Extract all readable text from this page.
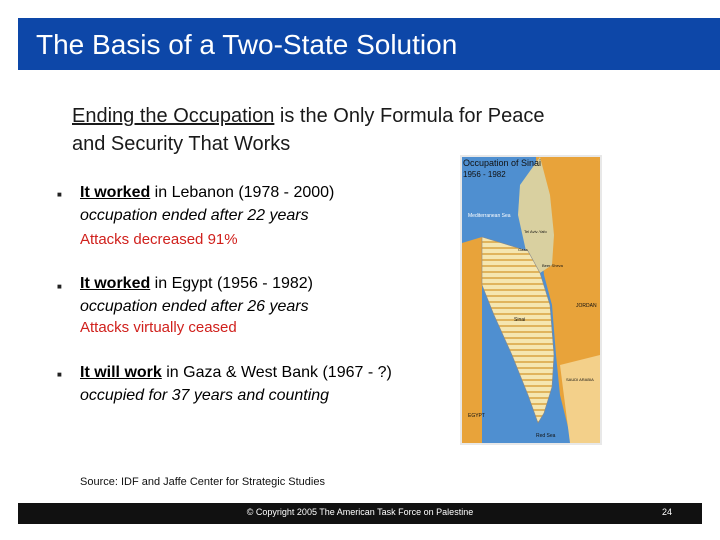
The Basis of a Two-State Solution
Ending the Occupation is the Only Formula for Peace
and Security That Works
■ It worked in Lebanon (1978 - 2000)
occupation ended after 22 years
Attacks decreased 91%
■ It worked in Egypt (1956 - 1982)
occupation ended after 26 years
Attacks virtually ceased
■ It will work in Gaza & West Bank (1967 - ?)
occupied for 37 years and counting
Occupation of Sinai
1956 - 1982
Mediterranean Sea
Tel Aviv-Yafo
Gaza
Beer Sheva
JORDAN
Sinai
EGYPT
SAUDI ARABIA
Red Sea
Source: IDF and Jaffe Center for Strategic Studies
© Copyright 2005 The American Task Force on Palestine	24
